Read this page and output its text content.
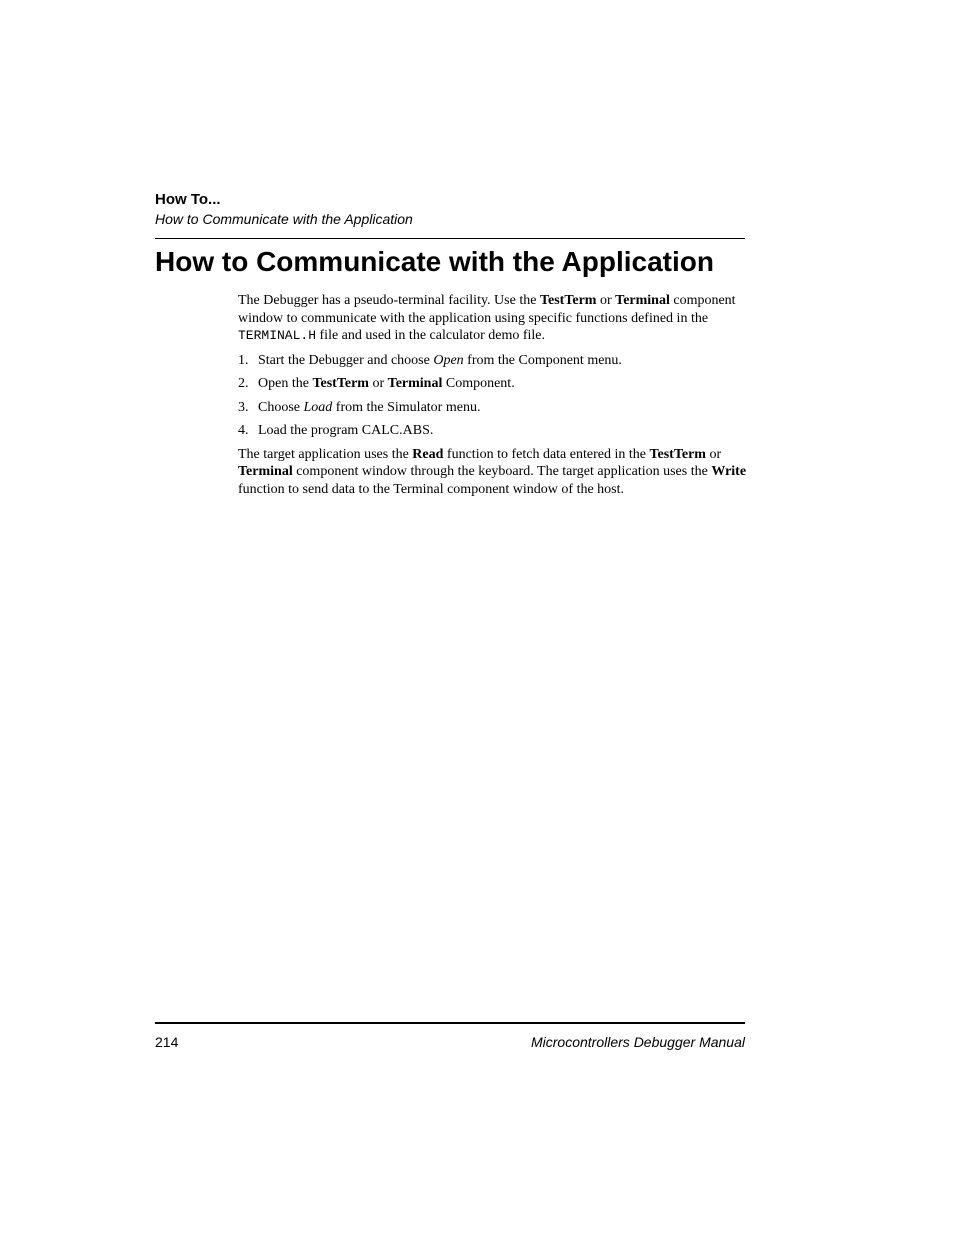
How To...
How to Communicate with the Application
How to Communicate with the Application

The Debugger has a pseudo-terminal facility. Use the TestTerm or Terminal component window to communicate with the application using specific functions defined in the TERMINAL.H file and used in the calculator demo file.

1. Start the Debugger and choose Open from the Component menu.
2. Open the TestTerm or Terminal Component.
3. Choose Load from the Simulator menu.
4. Load the program CALC.ABS.

The target application uses the Read function to fetch data entered in the TestTerm or Terminal component window through the keyboard. The target application uses the Write function to send data to the Terminal component window of the host.

214	Microcontrollers Debugger Manual
